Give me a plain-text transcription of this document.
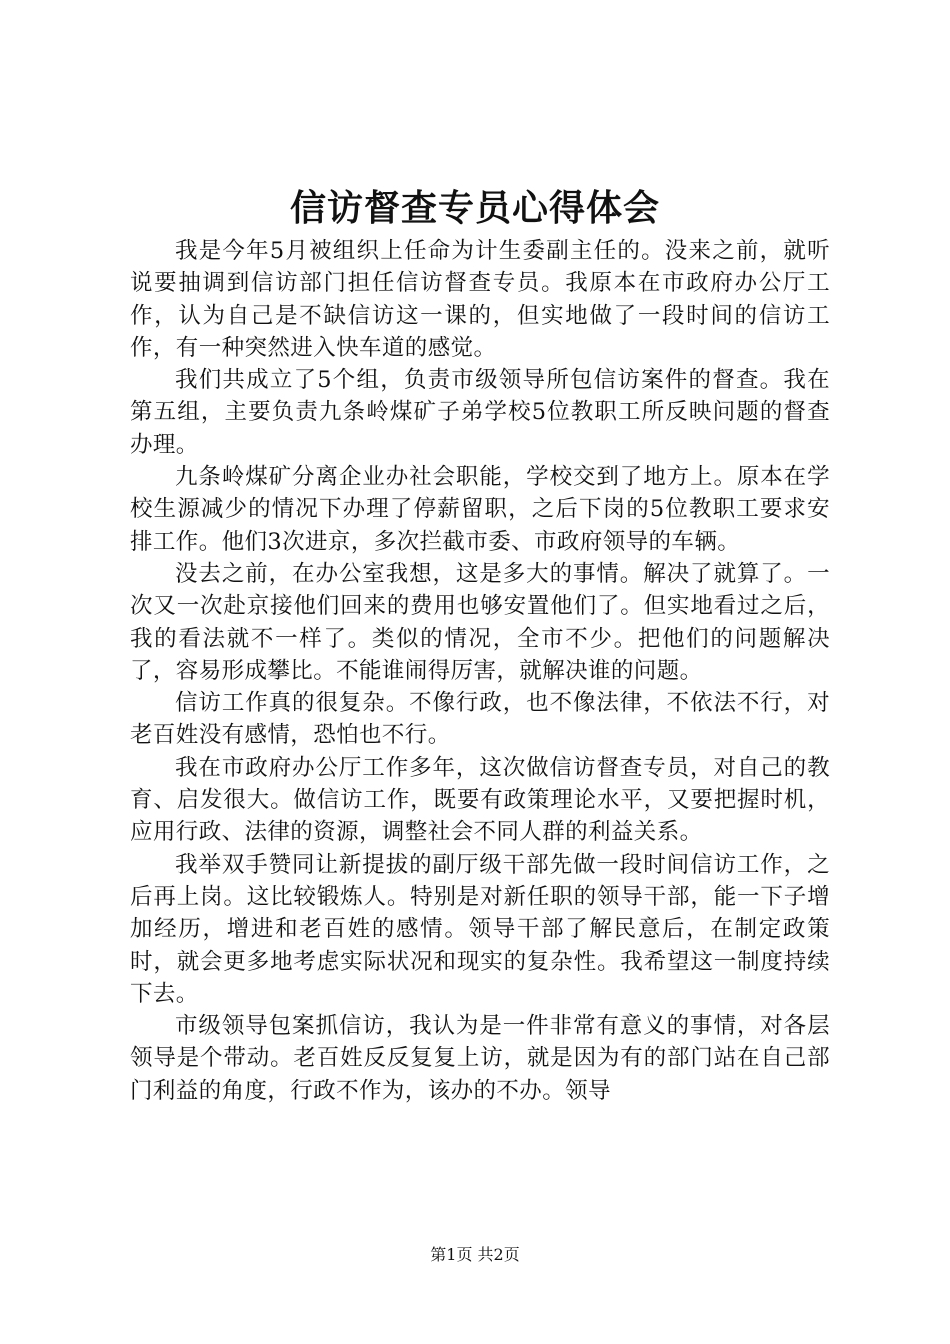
信访督查专员心得体会

我是今年5月被组织上任命为计生委副主任的。没来之前，就听说要抽调到信访部门担任信访督查专员。我原本在市政府办公厅工作，认为自己是不缺信访这一课的，但实地做了一段时间的信访工作，有一种突然进入快车道的感觉。

我们共成立了5个组，负责市级领导所包信访案件的督查。我在第五组，主要负责九条岭煤矿子弟学校5位教职工所反映问题的督查办理。

九条岭煤矿分离企业办社会职能，学校交到了地方上。原本在学校生源减少的情况下办理了停薪留职，之后下岗的5位教职工要求安排工作。他们3次进京，多次拦截市委、市政府领导的车辆。

没去之前，在办公室我想，这是多大的事情。解决了就算了。一次又一次赴京接他们回来的费用也够安置他们了。但实地看过之后，我的看法就不一样了。类似的情况，全市不少。把他们的问题解决了，容易形成攀比。不能谁闹得厉害，就解决谁的问题。

信访工作真的很复杂。不像行政，也不像法律，不依法不行，对老百姓没有感情，恐怕也不行。

我在市政府办公厅工作多年，这次做信访督查专员，对自己的教育、启发很大。做信访工作，既要有政策理论水平，又要把握时机，应用行政、法律的资源，调整社会不同人群的利益关系。

我举双手赞同让新提拔的副厅级干部先做一段时间信访工作，之后再上岗。这比较锻炼人。特别是对新任职的领导干部，能一下子增加经历，增进和老百姓的感情。领导干部了解民意后，在制定政策时，就会更多地考虑实际状况和现实的复杂性。我希望这一制度持续下去。

市级领导包案抓信访，我认为是一件非常有意义的事情，对各层领导是个带动。老百姓反反复复上访，就是因为有的部门站在自己部门利益的角度，行政不作为，该办的不办。领导

第1页 共2页
